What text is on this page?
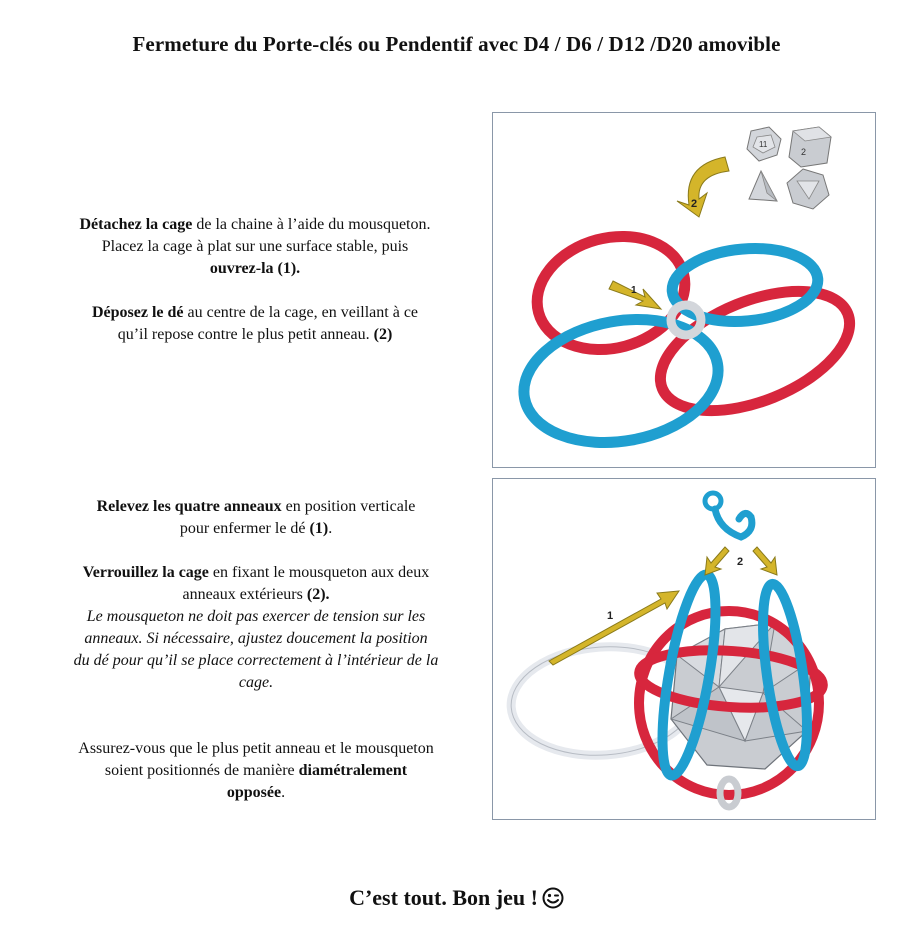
Fermeture du Porte-clés ou Pendentif avec D4 / D6 / D12 /D20 amovible

Détachez la cage de la chaine à l’aide du mousqueton.

Placez la cage à plat sur une surface stable, puis

ouvrez-la (1).

Déposez le dé au centre de la cage, en veillant à ce

qu’il repose contre le plus petit anneau. (2)

1
2
11
2

Relevez les quatre anneaux en position verticale

pour enfermer le dé (1).

Verrouillez la cage en fixant le mousqueton aux deux

anneaux extérieurs (2).

Le mousqueton ne doit pas exercer de tension sur les

anneaux. Si nécessaire, ajustez doucement la position

du dé pour qu’il se place correctement à l’intérieur de la

cage.

Assurez-vous que le plus petit anneau et le mousqueton

soient positionnés de manière diamétralement

opposée.

2
1
C’est tout. Bon jeu !
